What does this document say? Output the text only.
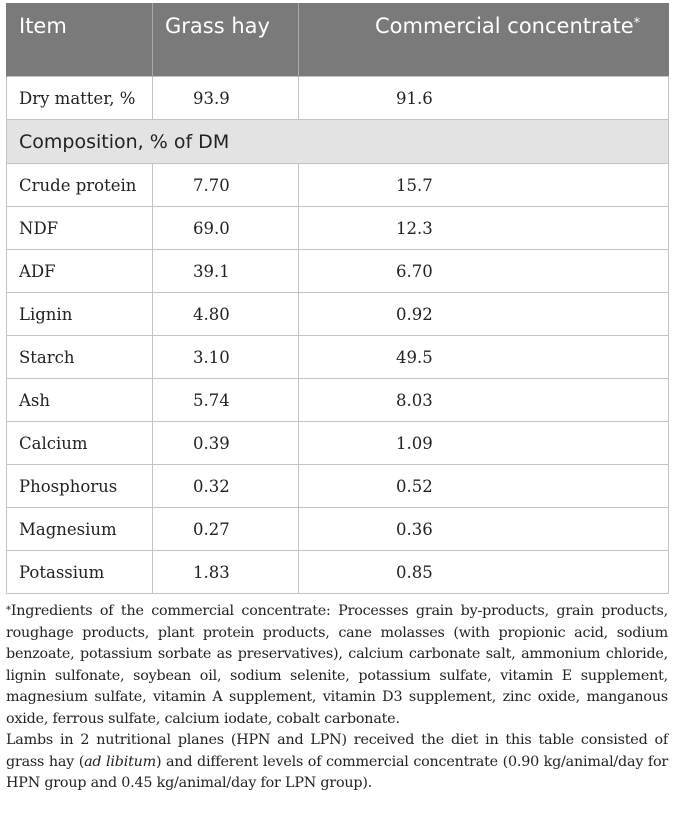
Item	Grass hay	Commercial concentrate*
Dry matter, %	93.9	91.6
Composition, % of DM		
Crude protein	7.70	15.7
NDF	69.0	12.3
ADF	39.1	6.70
Lignin	4.80	0.92
Starch	3.10	49.5
Ash	5.74	8.03
Calcium	0.39	1.09
Phosphorus	0.32	0.52
Magnesium	0.27	0.36
Potassium	1.83	0.85

*Ingredients of the commercial concentrate: Processes grain by-products, grain products, roughage products, plant protein products, cane molasses (with propionic acid, sodium benzoate, potassium sorbate as preservatives), calcium carbonate salt, ammonium chloride, lignin sulfonate, soybean oil, sodium selenite, potassium sulfate, vitamin E supplement, magnesium sulfate, vitamin A supplement, vitamin D3 supplement, zinc oxide, manganous oxide, ferrous sulfate, calcium iodate, cobalt carbonate.

Lambs in 2 nutritional planes (HPN and LPN) received the diet in this table consisted of grass hay (ad libitum) and different levels of commercial concentrate (0.90 kg/animal/day for HPN group and 0.45 kg/animal/day for LPN group).
